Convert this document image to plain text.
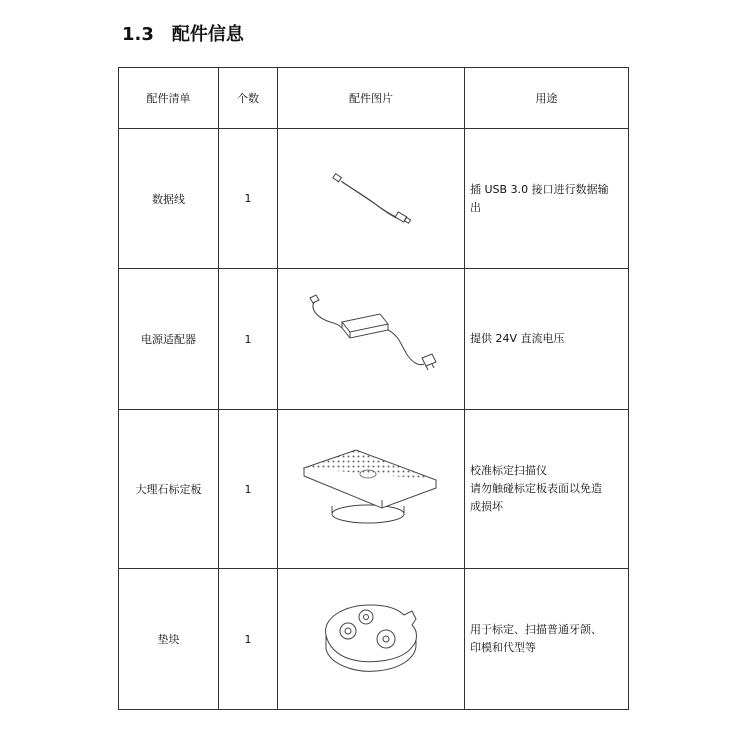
1.3 配件信息
配件清单	个数	配件图片	用途
数据线	1		插 USB 3.0 接口进行数据输
出

电源适配器	1		提供 24V 直流电压

大理石标定板	1		校准标定扫描仪
请勿触碰标定板表面以免造
成损坏

垫块	1		用于标定、扫描普通牙颌、
印模和代型等
